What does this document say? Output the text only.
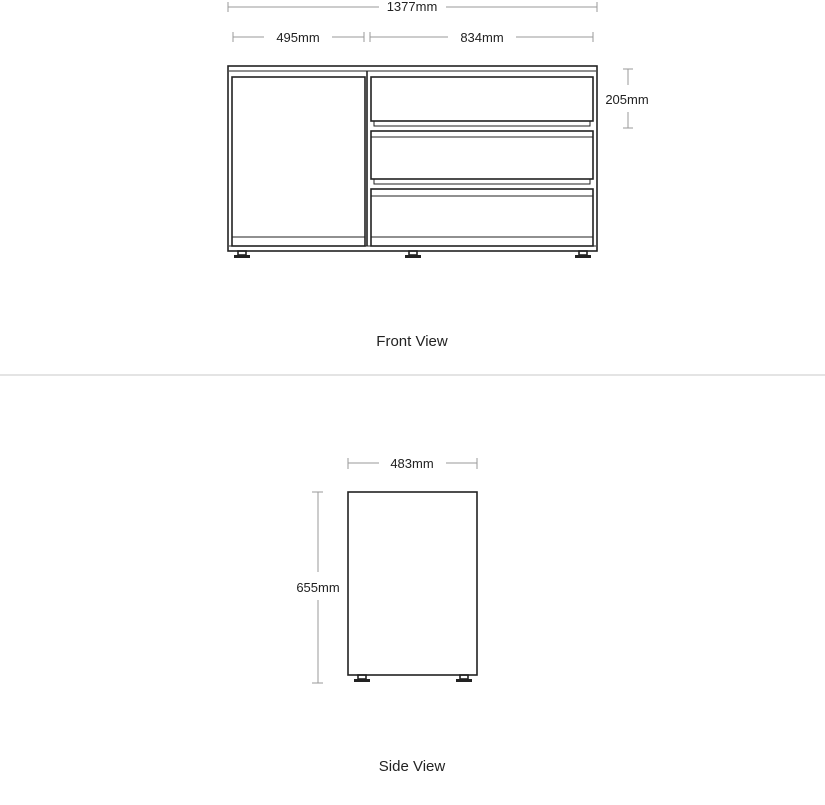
1377mm
495mm	834mm
205mm
Front View
483mm
655mm
Side View
